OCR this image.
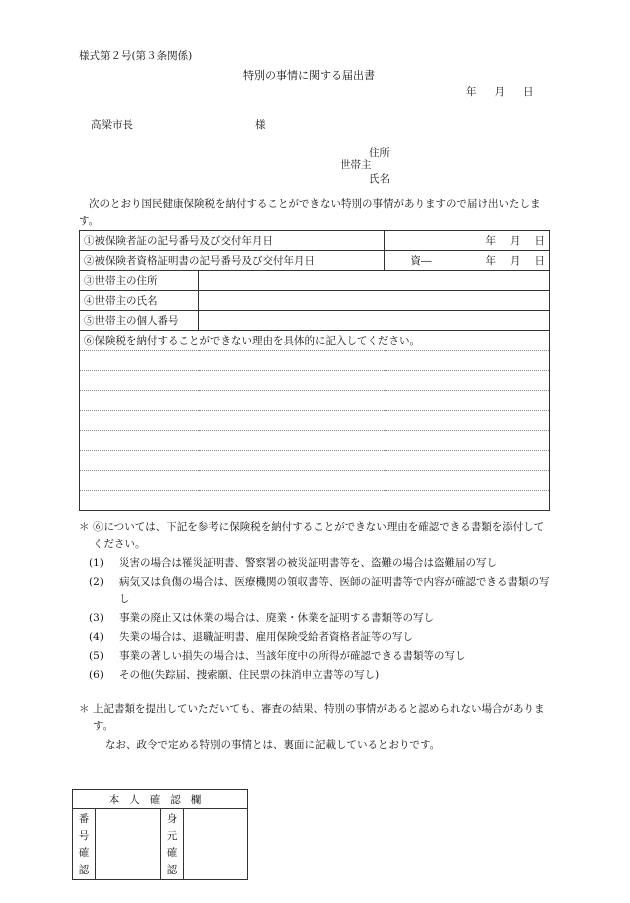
様式第２号(第３条関係)
特別の事情に関する届出書
年 月 日
高梁市長	様
住所
世帯主
氏名
次のとおり国民健康保険税を納付することができない特別の事情がありますので届け出いたします。
①被保険者証の記号番号及び交付年月日		年 月 日
②被保険者資格証明書の記号番号及び交付年月日		資― 年 月 日
③世帯主の住所		
④世帯主の氏名		
⑤世帯主の個人番号		
⑥保険税を納付することができない理由を具体的に記入してください。		

＊ ⑥については、下記を参考に保険税を納付することができない理由を確認できる書類を添付してください。
(1) 災害の場合は罹災証明書、警察署の被災証明書等を、盗難の場合は盗難届の写し
(2) 病気又は負傷の場合は、医療機関の領収書等、医師の証明書等で内容が確認できる書類の写し
(3) 事業の廃止又は休業の場合は、廃業・休業を証明する書類等の写し
(4) 失業の場合は、退職証明書、雇用保険受給者資格者証等の写し
(5) 事業の著しい損失の場合は、当該年度中の所得が確認できる書類等の写し
(6) その他(失踪届、捜索願、住民票の抹消申立書等の写し)
＊ 上記書類を提出していただいても、審査の結果、特別の事情があると認められない場合があります。
なお、政令で定める特別の事情とは、裏面に記載しているとおりです。
本人確認欄

番
号
確
認

身
元
確
認
